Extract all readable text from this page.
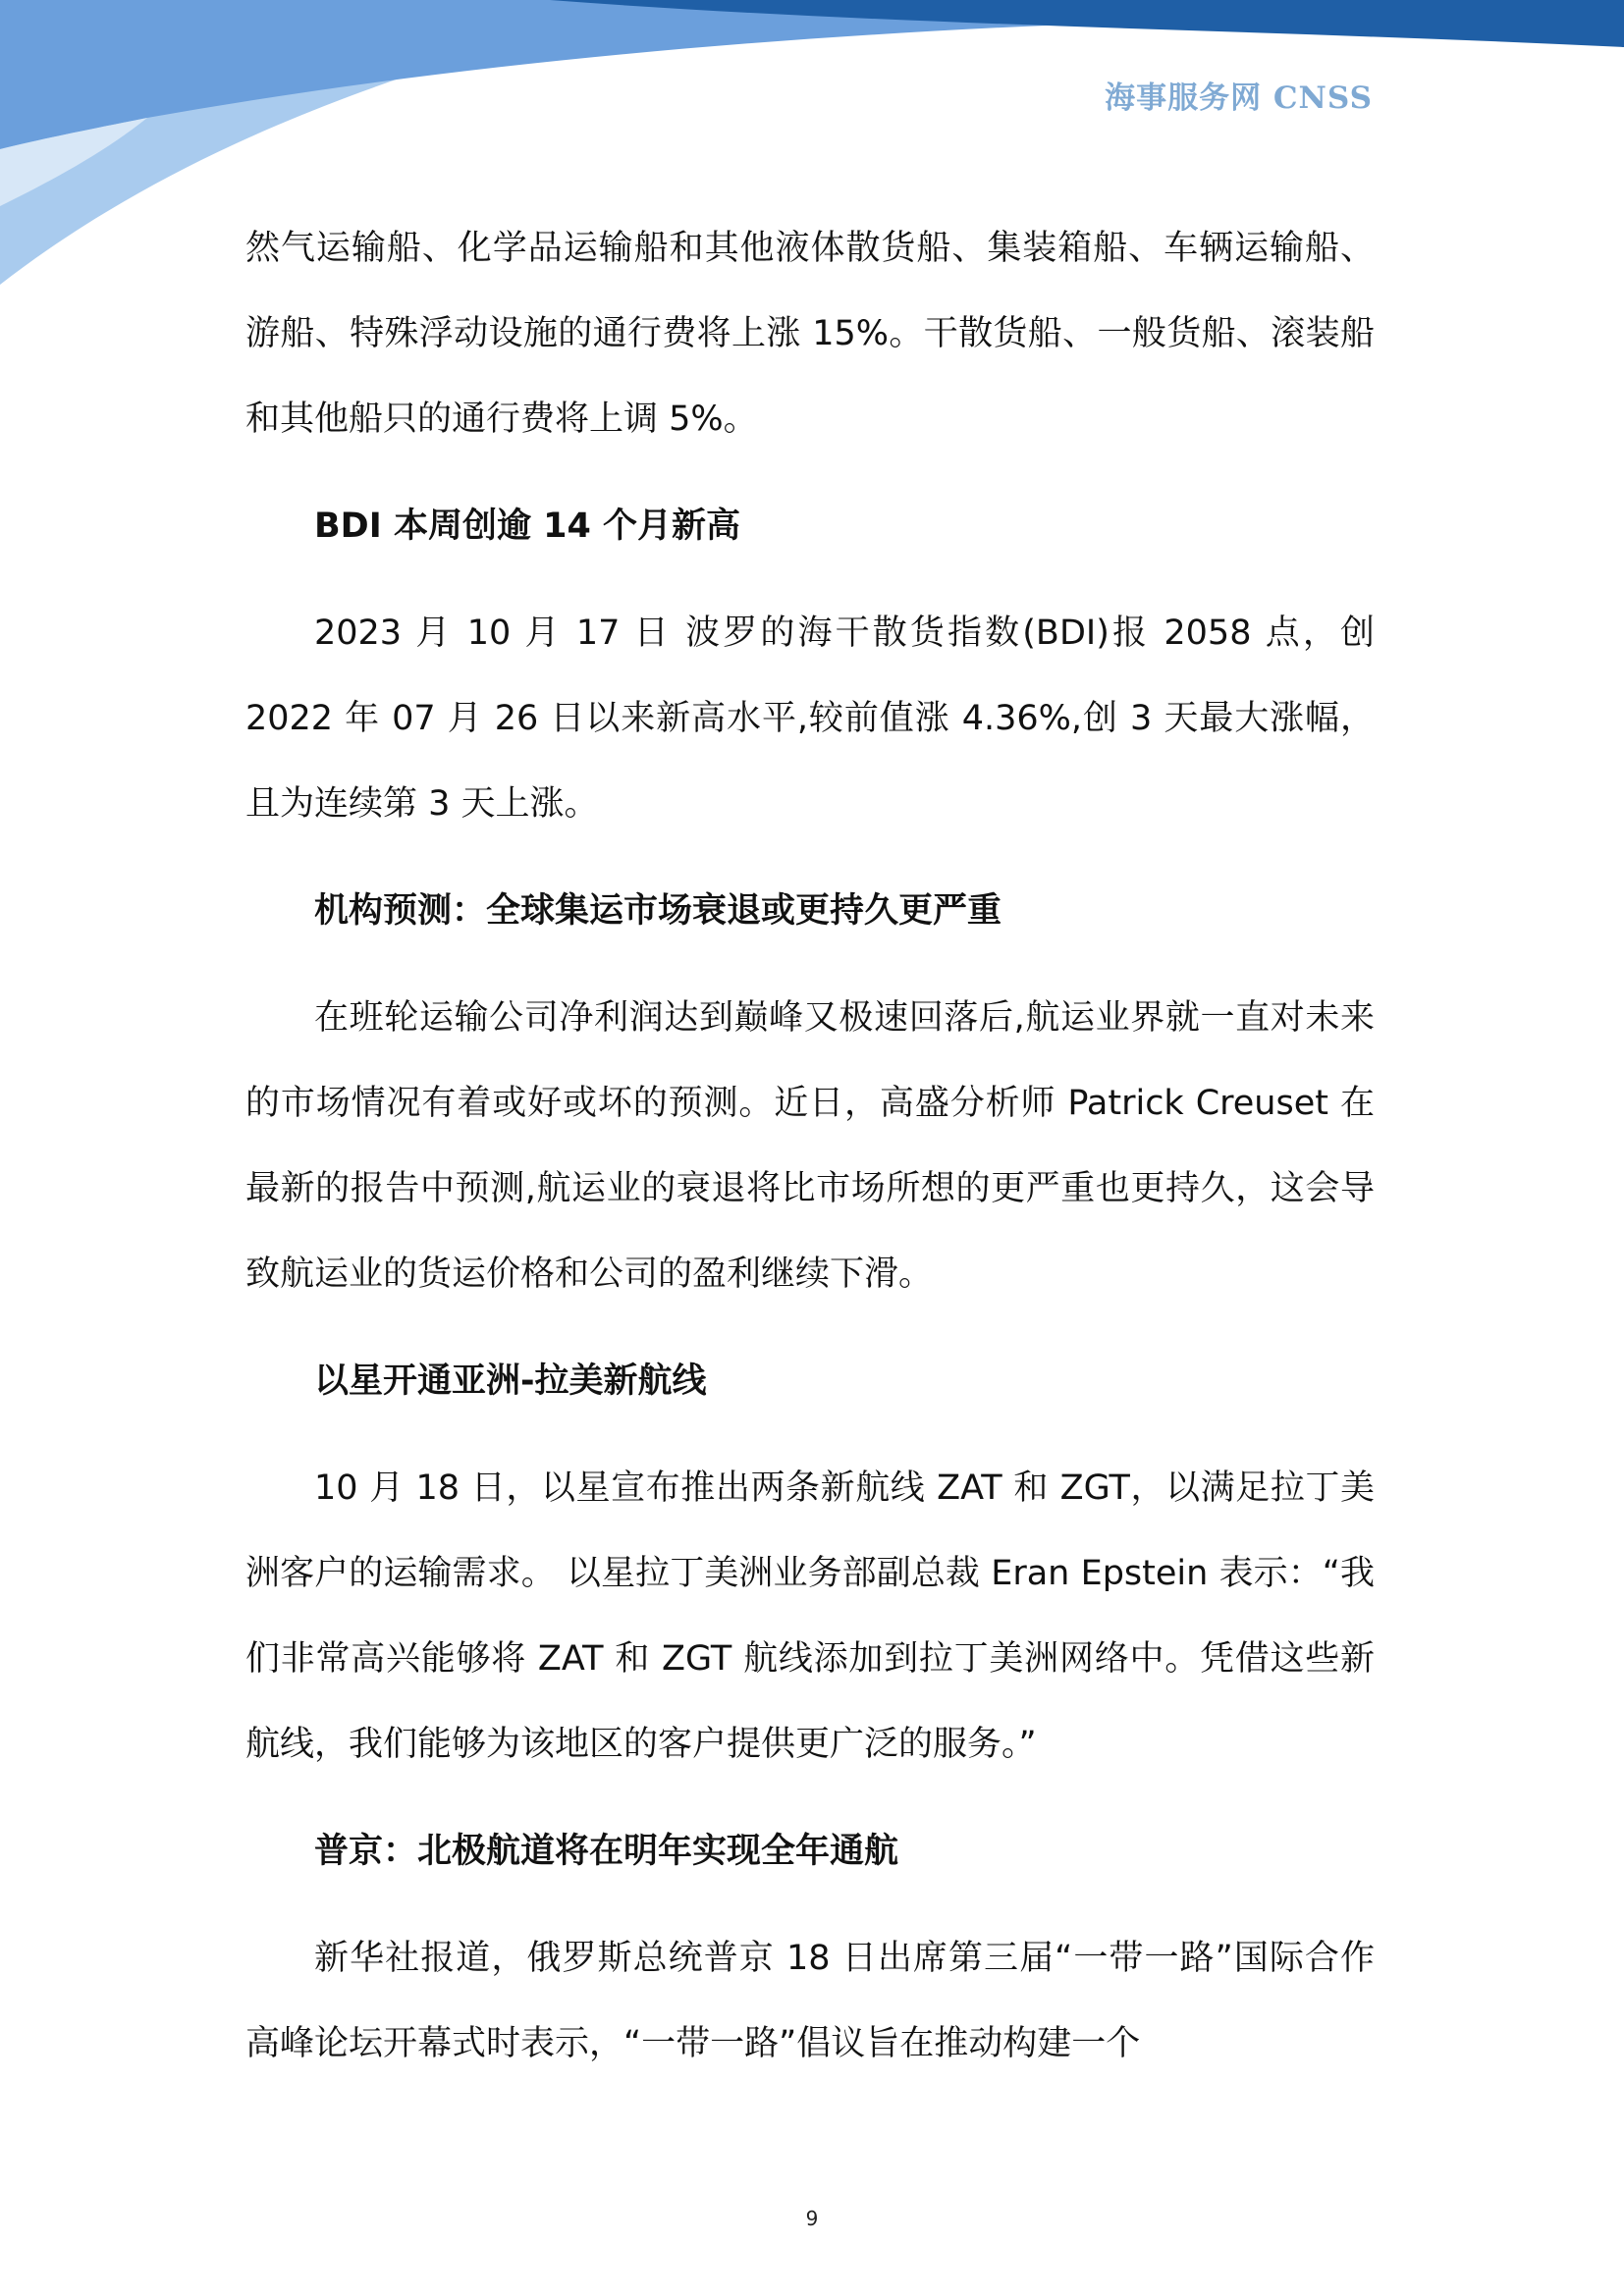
海事服务网 CNSS

然气运输船、化学品运输船和其他液体散货船、集装箱船、车辆运输船、游船、特殊浮动设施的通行费将上涨 15%。干散货船、一般货船、滚装船和其他船只的通行费将上调 5%。

BDI 本周创逾 14 个月新高

2023 月 10 月 17 日 波罗的海干散货指数(BDI)报 2058 点，创 2022 年 07 月 26 日以来新高水平,较前值涨 4.36%,创 3 天最大涨幅，且为连续第 3 天上涨。

机构预测：全球集运市场衰退或更持久更严重

在班轮运输公司净利润达到巅峰又极速回落后,航运业界就一直对未来的市场情况有着或好或坏的预测。近日，高盛分析师 Patrick Creuset 在最新的报告中预测,航运业的衰退将比市场所想的更严重也更持久，这会导致航运业的货运价格和公司的盈利继续下滑。

以星开通亚洲-拉美新航线

10 月 18 日，以星宣布推出两条新航线 ZAT 和 ZGT，以满足拉丁美洲客户的运输需求。 以星拉丁美洲业务部副总裁 Eran Epstein 表示：“我们非常高兴能够将 ZAT 和 ZGT 航线添加到拉丁美洲网络中。凭借这些新航线，我们能够为该地区的客户提供更广泛的服务。”

普京：北极航道将在明年实现全年通航

新华社报道，俄罗斯总统普京 18 日出席第三届“一带一路”国际合作高峰论坛开幕式时表示，“一带一路”倡议旨在推动构建一个

9
